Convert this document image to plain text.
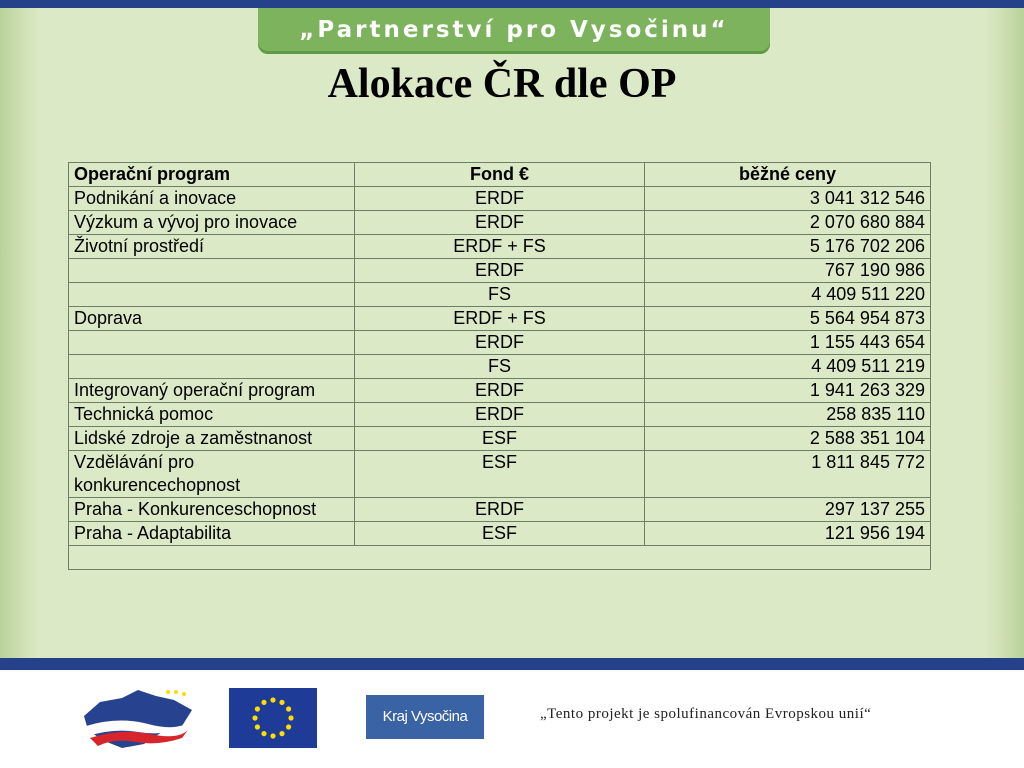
„Partnerství pro Vysočinu“
Alokace ČR dle OP
Operační program	Fond €	běžné ceny
Podnikání a inovace	ERDF	3 041 312 546
Výzkum a vývoj pro inovace	ERDF	2 070 680 884
Životní prostředí	ERDF + FS	5 176 702 206
	ERDF	767 190 986
	FS	4 409 511 220
Doprava	ERDF + FS	5 564 954 873
	ERDF	1 155 443 654
	FS	4 409 511 219
Integrovaný operační program	ERDF	1 941 263 329
Technická pomoc	ERDF	258 835 110
Lidské zdroje a zaměstnanost	ESF	2 588 351 104
Vzdělávání pro konkurencechopnost	ESF	1 811 845 772
Praha - Konkurenceschopnost	ERDF	297 137 255
Praha - Adaptabilita	ESF	121 956 194

Kraj Vysočina	„Tento projekt je spolufinancován Evropskou unií“
